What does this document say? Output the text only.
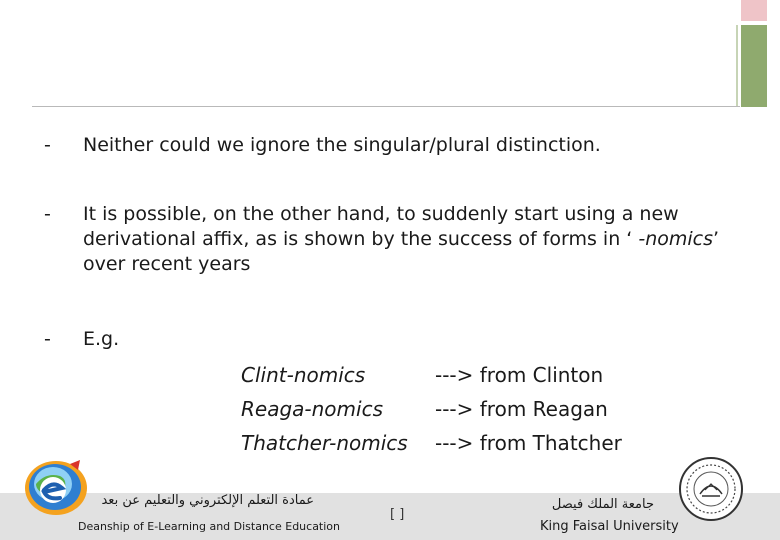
- Neither could we ignore the singular/plural distinction.
- It is possible, on the other hand, to suddenly start using a new derivational affix, as is shown by the success of forms in ‘ -nomics’ over recent years
- E.g.
Clint-nomics	---> from Clinton
Reaga-nomics	---> from Reagan
Thatcher-nomics ---> from Thatcher
عمادة التعلم الإلكتروني والتعليم عن بعد
Deanship of E-Learning and Distance Education
[ ]
جامعة الملك فيصل
King Faisal University
